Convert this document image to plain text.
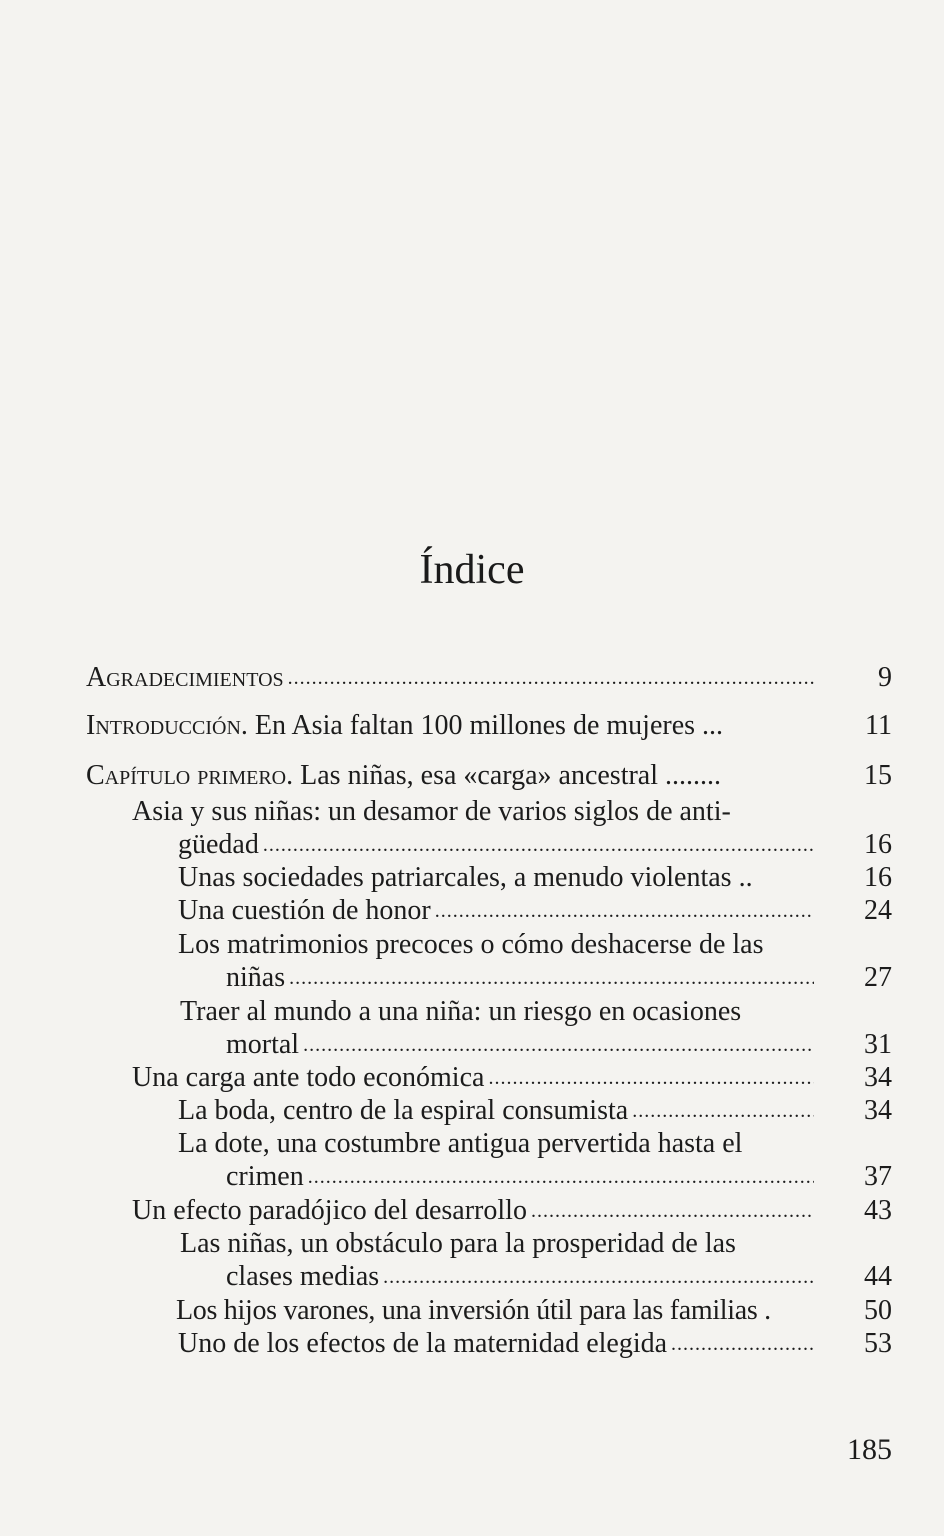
Índice
Agradecimientos .....	9
Introducción. En Asia faltan 100 millones de mujeres ...	11
Capítulo primero. Las niñas, esa «carga» ancestral ........	15
Asia y sus niñas: un desamor de varios siglos de anti-
güedad .....	16
Unas sociedades patriarcales, a menudo violentas ..	16
Una cuestión de honor .....	24
Los matrimonios precoces o cómo deshacerse de las
niñas .....	27
Traer al mundo a una niña: un riesgo en ocasiones
mortal .....	31
Una carga ante todo económica .....	34
La boda, centro de la espiral consumista .....	34
La dote, una costumbre antigua pervertida hasta el
crimen .....	37
Un efecto paradójico del desarrollo .....	43
Las niñas, un obstáculo para la prosperidad de las
clases medias .....	44
Los hijos varones, una inversión útil para las familias .	50
Uno de los efectos de la maternidad elegida .....	53
185
